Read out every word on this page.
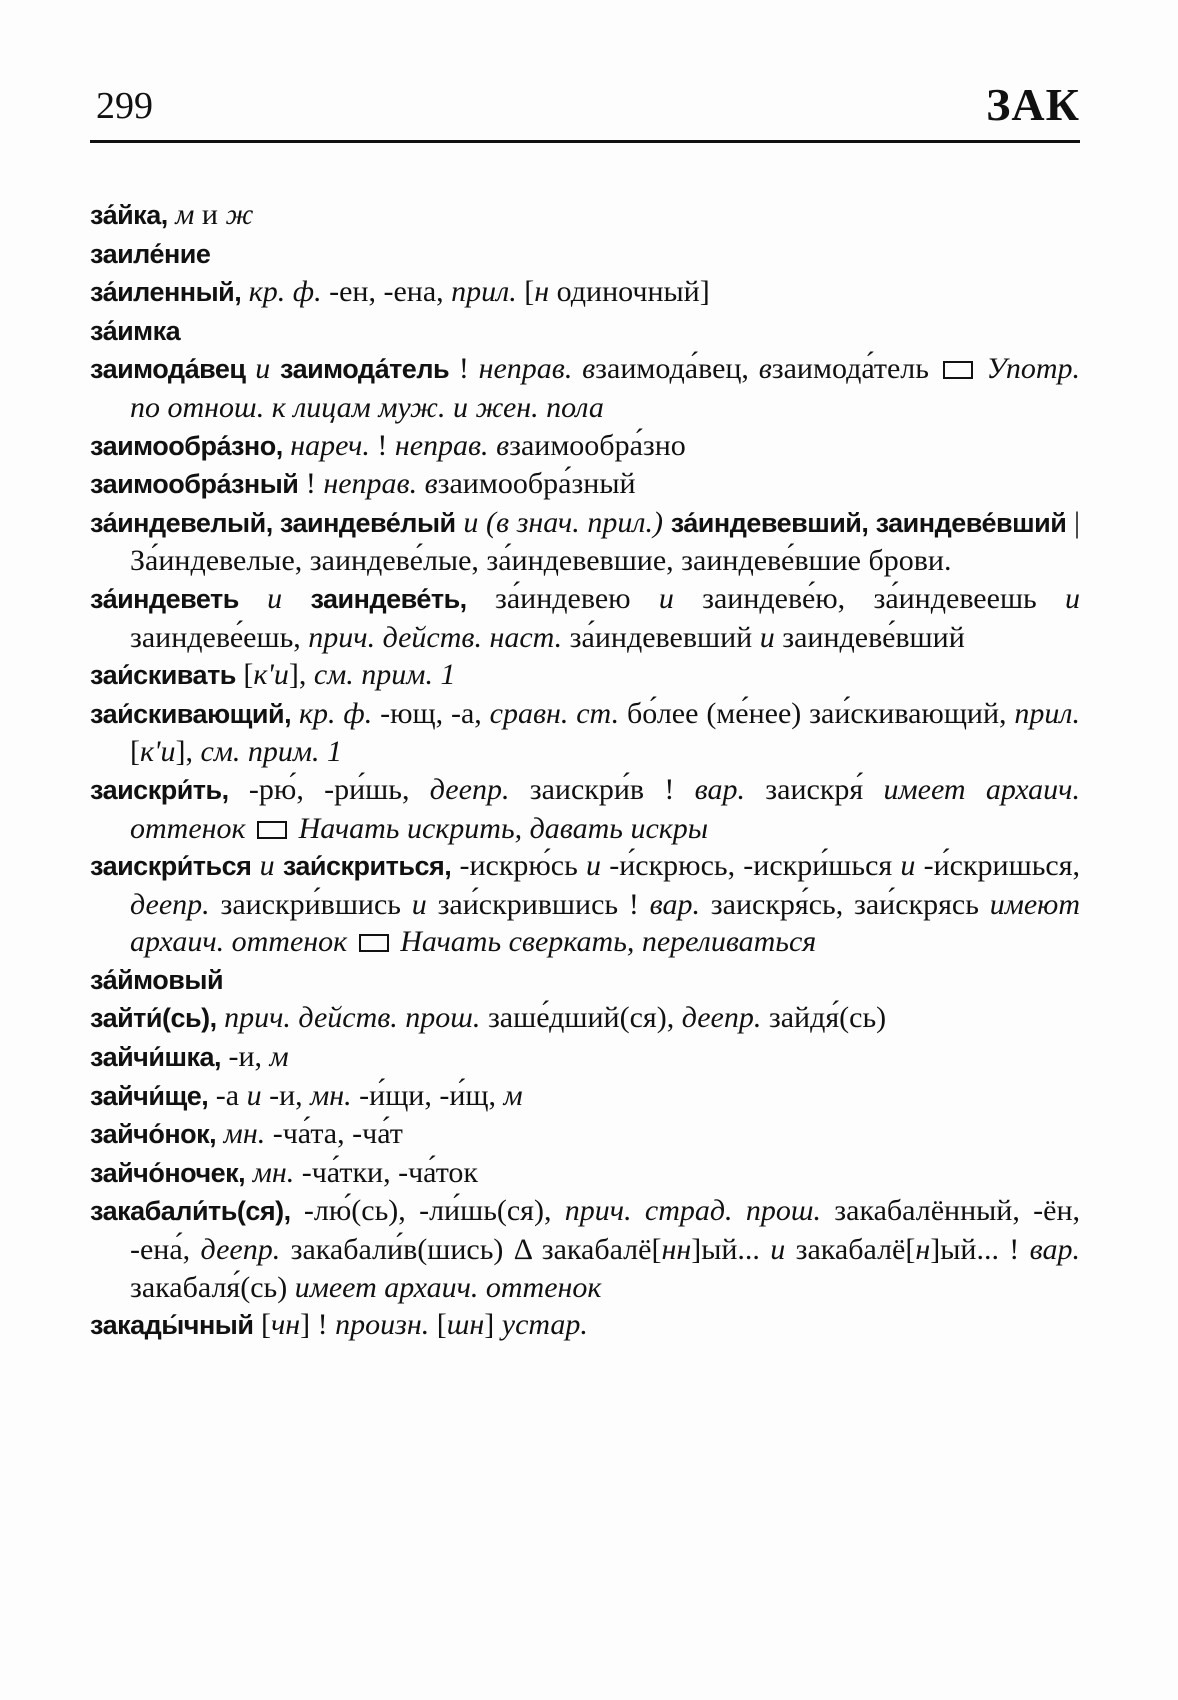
299	ЗАК

за́йка, м и ж

заиле́ние

за́иленный, кр. ф. -ен, -ена, прил. [н одиночный]

за́имка

заимода́вец и заимода́тель ! неправ. взаимода́вец, взаимода́тель  Употр. по отнош. к лицам муж. и жен. пола

заимообра́зно, нареч. ! неправ. взаимообра́зно

заимообра́зный ! неправ. взаимообра́зный

за́индевелый, заиндеве́лый и (в знач. прил.) за́индевевший, заиндеве́вший | За́индевелые, заиндеве́лые, за́индевевшие, заиндеве́вшие брови.

за́индеветь и заиндеве́ть, за́индевею и заиндеве́ю, за́индевеешь и заиндеве́ешь, прич. действ. наст. за́индевевший и заиндеве́вший

заи́скивать [к'и], см. прим. 1

заи́скивающий, кр. ф. -ющ, -а, сравн. ст. бо́лее (ме́нее) заи́скивающий, прил. [к'и], см. прим. 1

заискри́ть, -рю́, -ри́шь, деепр. заискри́в ! вар. заискря́ имеет архаич. оттенок  Начать искрить, давать искры

заискри́ться и заи́скриться, -искрю́сь и -и́скрюсь, -искри́шься и -и́скришься, деепр. заискри́вшись и заи́скрившись ! вар. заискря́сь, заи́скрясь имеют архаич. оттенок  Начать сверкать, переливаться

за́ймовый

зайти́(сь), прич. действ. прош. заше́дший(ся), деепр. зайдя́(сь)

зайчи́шка, -и, м

зайчи́ще, -а и -и, мн. -и́щи, -и́щ, м

зайчо́нок, мн. -ча́та, -ча́т

зайчо́ночек, мн. -ча́тки, -ча́ток

закабали́ть(ся), -лю́(сь), -ли́шь(ся), прич. страд. прош. закабалённый, -ён, -ена́, деепр. закабали́в(шись) Δ закабалё[нн]ый... и закабалё[н]ый... ! вар. закабаля́(сь) имеет архаич. оттенок

закады́чный [чн] ! произн. [шн] устар.
